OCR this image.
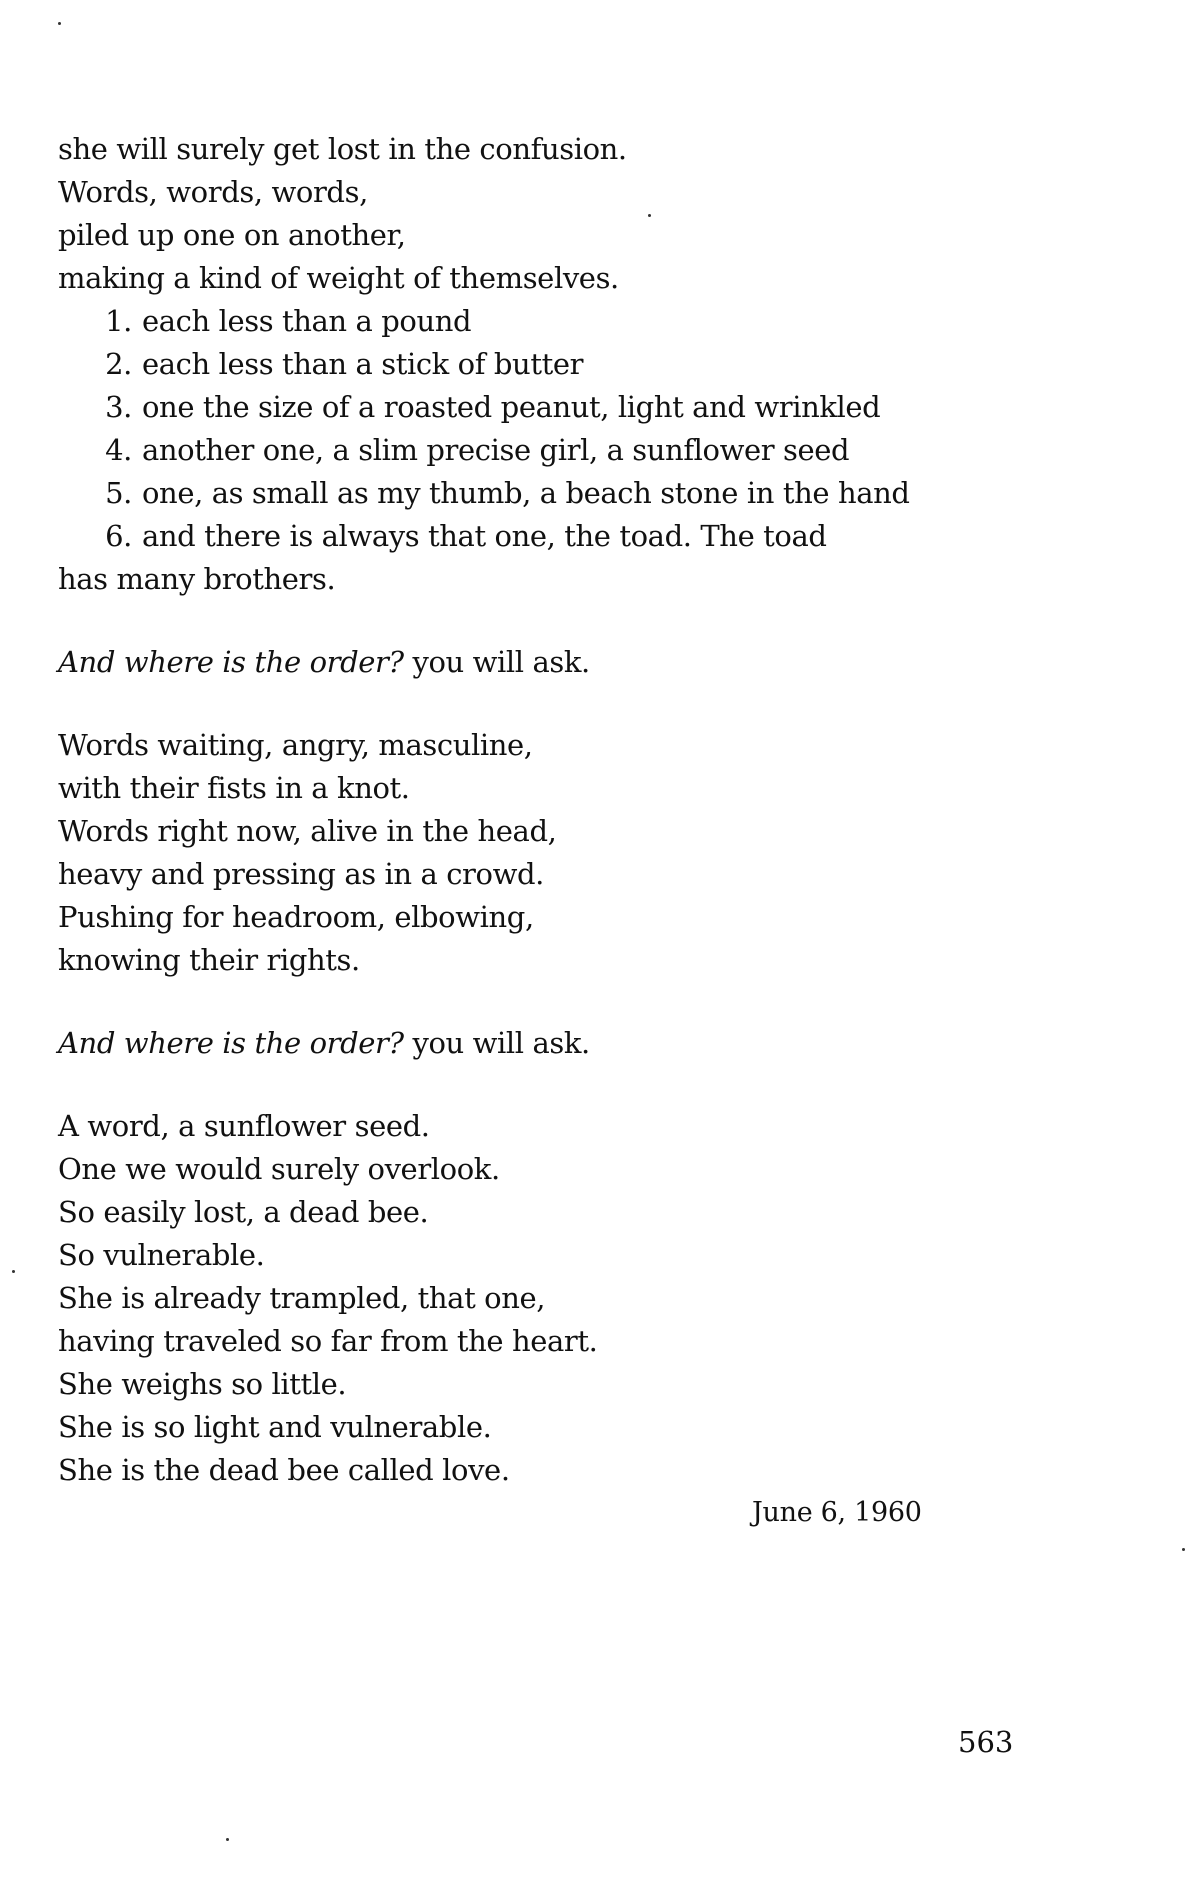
she will surely get lost in the confusion.
Words, words, words,
piled up one on another,
making a kind of weight of themselves.
1. each less than a pound
2. each less than a stick of butter
3. one the size of a roasted peanut, light and wrinkled
4. another one, a slim precise girl, a sunflower seed
5. one, as small as my thumb, a beach stone in the hand
6. and there is always that one, the toad. The toad
has many brothers.
And where is the order? you will ask.
Words waiting, angry, masculine,
with their fists in a knot.
Words right now, alive in the head,
heavy and pressing as in a crowd.
Pushing for headroom, elbowing,
knowing their rights.
And where is the order? you will ask.
A word, a sunflower seed.
One we would surely overlook.
So easily lost, a dead bee.
So vulnerable.
She is already trampled, that one,
having traveled so far from the heart.
She weighs so little.
She is so light and vulnerable.
She is the dead bee called love.
June 6, 1960
563
